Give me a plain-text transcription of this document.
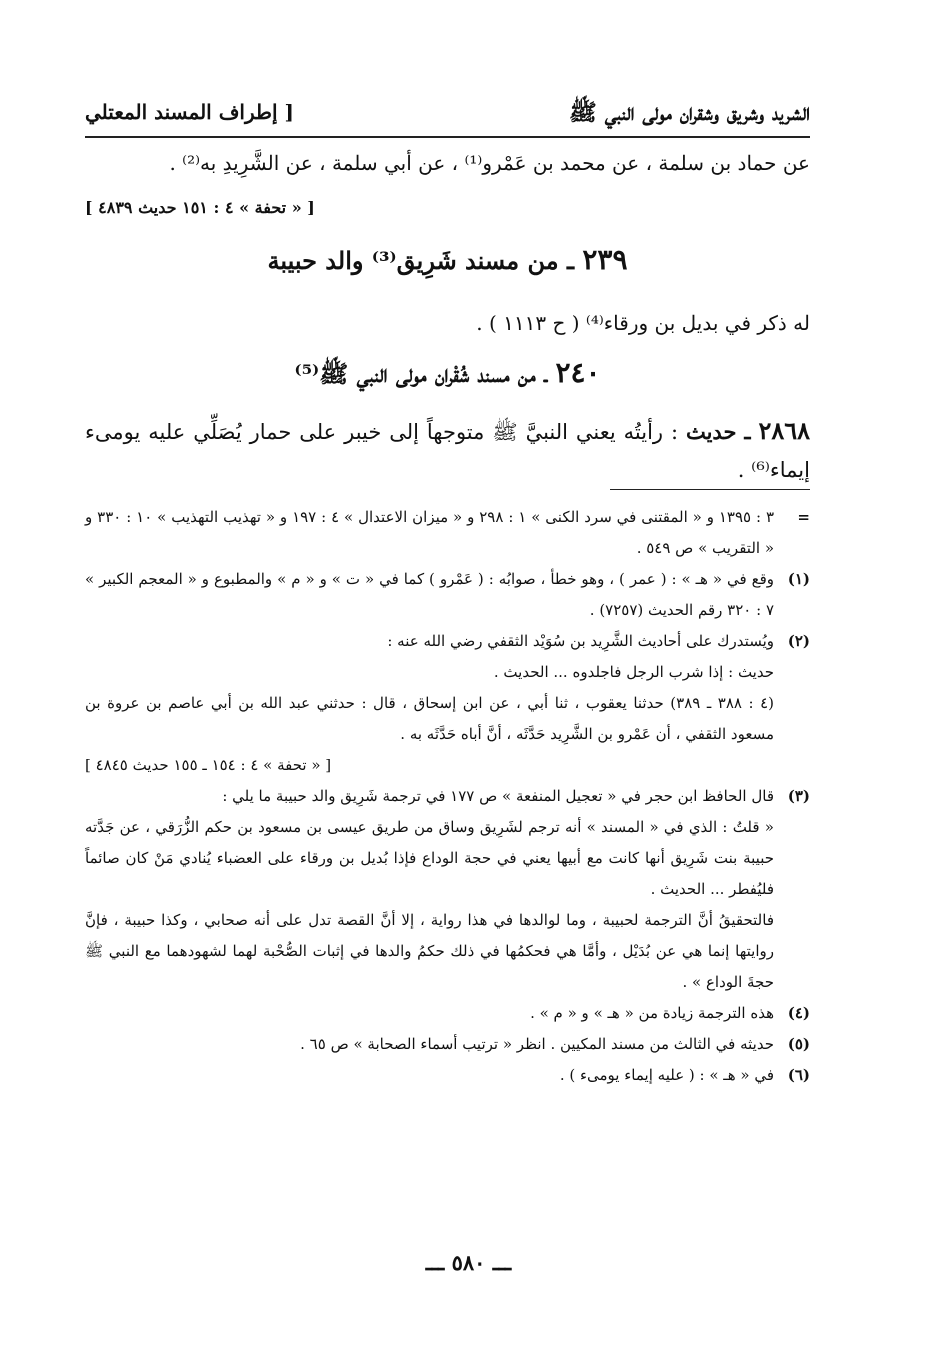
الشريد وشريق وشقران مولى النبي ﷺ
[ إطراف المسند المعتلي

عن حماد بن سلمة ، عن محمد بن عَمْرو⁽¹⁾ ، عن أبي سلمة ، عن الشَّرِيدِ به⁽²⁾ .

[ « تحفة » ٤ : ١٥١ حديث ٤٨٣٩ ]

٢٣٩ ـ من مسند شَرِيق⁽³⁾ والد حبيبة

له ذكر في بديل بن ورقاء⁽⁴⁾ ( ح ١١١٣ ) .

٢٤٠ ـ من مسند شُقْران مولى النبي ﷺ⁽⁵⁾

٢٨٦٨ ـ حديث : رأيتُه يعني النبيَّ ﷺ متوجهاً إلى خيبر على حمار يُصَلِّي عليه يومىء إيماء⁽⁶⁾ .

=

٣ : ١٣٩٥ و « المقتنى في سرد الكنى » ١ : ٢٩٨ و « ميزان الاعتدال » ٤ : ١٩٧ و « تهذيب التهذيب » ١٠ : ٣٣٠ و « التقريب » ص ٥٤٩ .

(١)

وقع في « هـ » : ( عمر ) ، وهو خطأ ، صوابُه : ( عَمْرو ) كما في « ت » و « م » والمطبوع و « المعجم الكبير » ٧ : ٣٢٠ رقم الحديث (٧٢٥٧) .

(٢)

ويُستدرك على أحاديث الشَّرِيد بن سُوَيْد الثقفي رضي الله عنه :

حديث : إذا شرب الرجل فاجلدوه ... الحديث .

(٤ : ٣٨٨ ـ ٣٨٩) حدثنا يعقوب ، ثنا أبي ، عن ابن إسحاق ، قال : حدثني عبد الله بن أبي عاصم بن عروة بن مسعود الثقفي ، أن عَمْرو بن الشَّرِيد حَدَّثَه ، أنَّ أباه حَدَّثَه به .

[ « تحفة » ٤ : ١٥٤ ـ ١٥٥ حديث ٤٨٤٥ ]

(٣)

قال الحافظ ابن حجر في « تعجيل المنفعة » ص ١٧٧ في ترجمة شَرِيق والد حبيبة ما يلي :

« قلتُ : الذي في « المسند » أنه ترجم لشَرِيق وساق من طريق عيسى بن مسعود بن حكم الزُّرَقي ، عن جَدَّته حبيبة بنت شَرِيق أنها كانت مع أبيها يعني في حجة الوداع فإذا بُديل بن ورقاء على العضباء يُنادي مَنْ كان صائماً فليُفطر ... الحديث .

فالتحقيقُ أنَّ الترجمة لحبيبة ، وما لوالدها في هذا رواية ، إلا أنَّ القصة تدل على أنه صحابي ، وكذا حبيبة ، فإنَّ روايتها إنما هي عن بُدَيْل ، وأمَّا هي فحكمُها في ذلك حكمُ والدها في إثبات الصُّحْبة لهما لشهودهما مع النبي ﷺ حجةَ الوداع » .

(٤)

هذه الترجمة زيادة من « هـ » و « م » .

(٥)

حديثه في الثالث من مسند المكيين . انظر « ترتيب أسماء الصحابة » ص ٦٥ .

(٦)

في « هـ » : ( عليه إيماء يومىء ) .

ـــ ٥٨٠ ـــ
